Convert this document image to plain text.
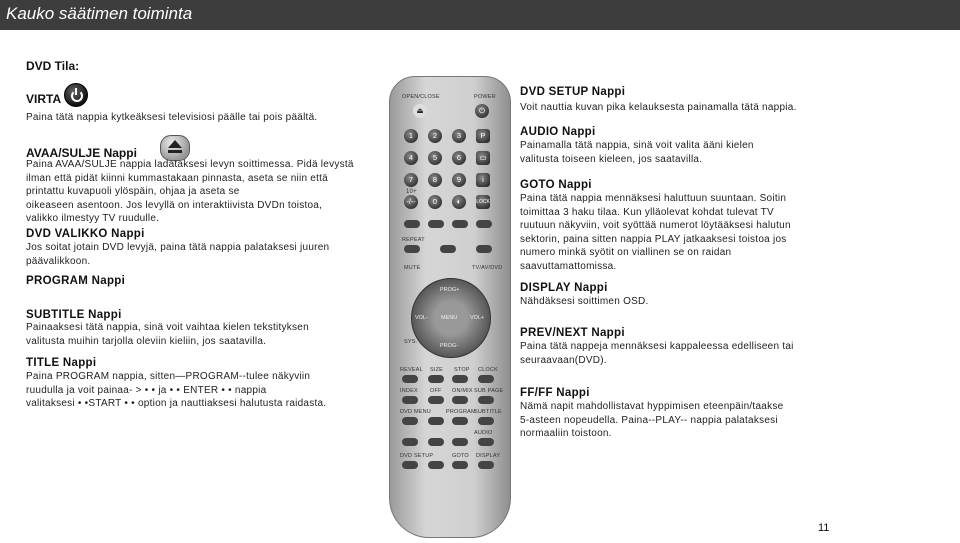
Kauko säätimen toiminta
DVD Tila:
VIRTA
Paina tätä nappia kytkeäksesi televisiosi päälle tai pois päältä.
AVAA/SULJE Nappi
Paina AVAA/SULJE nappia ladataksesi levyn soittimessa. Pidä levystä
ilman että pidät kiinni kummastakaan pinnasta, aseta se niin että
printattu kuvapuoli ylöspäin, ohjaa ja aseta se
oikeaseen asentoon. Jos levyllä on interaktiivista DVDn toistoa,
valikko ilmestyy TV ruudulle.
DVD VALIKKO Nappi
Jos soitat jotain DVD levyjä, paina tätä nappia palataksesi juuren
päävalikkoon.
PROGRAM Nappi
SUBTITLE Nappi
Painaaksesi tätä nappia, sinä voit vaihtaa kielen tekstityksen
valitusta muihin tarjolla oleviin kieliin, jos saatavilla.
TITLE Nappi
Paina PROGRAM nappia, sitten—PROGRAM--tulee näkyviin
ruudulla ja voit painaa- > • • ja • • ENTER • • nappia
valitaksesi • •START • • option ja nauttiaksesi halutusta raidasta.
OPEN/CLOSE	POWER
⏏	⏻
1	2	3	P
4	5	6	▭
7	8	9	i
10+
-/--	0	◐	LOCK
REPEAT
MUTE	TV/AV/DVD
PROG+
VOL- MENU VOL+
PROG-
SYS.
REVEAL SIZE STOP CLOCK
INDEX OFF ON/MIX SUB PAGE
DVD MENU	PROGRAM
SUBTITLE
AUDIO
DVD SETUP	GOTO DISPLAY
DVD SETUP Nappi
Voit nauttia kuvan pika kelauksesta painamalla tätä nappia.
AUDIO Nappi
Painamalla tätä nappia, sinä voit valita ääni kielen
valitusta toiseen kieleen, jos saatavilla.
GOTO Nappi
Paina tätä nappia mennäksesi haluttuun suuntaan. Soitin
toimittaa 3 haku tilaa. Kun ylläolevat kohdat tulevat TV
ruutuun näkyviin, voit syöttää numerot löytääksesi halutun
sektorin, paina sitten nappia PLAY jatkaaksesi toistoa jos
numero minkä syötit on viallinen se on raidan
saavuttamattomissa.
DISPLAY Nappi
Nähdäksesi soittimen OSD.
PREV/NEXT Nappi
Paina tätä nappeja mennäksesi kappaleessa edelliseen tai
seuraavaan(DVD).
FF/FF Nappi
Nämä napit mahdollistavat hyppimisen eteenpäin/taakse
5-asteen nopeudella. Paina--PLAY-- nappia palataksesi
normaaliin toistoon.
11
